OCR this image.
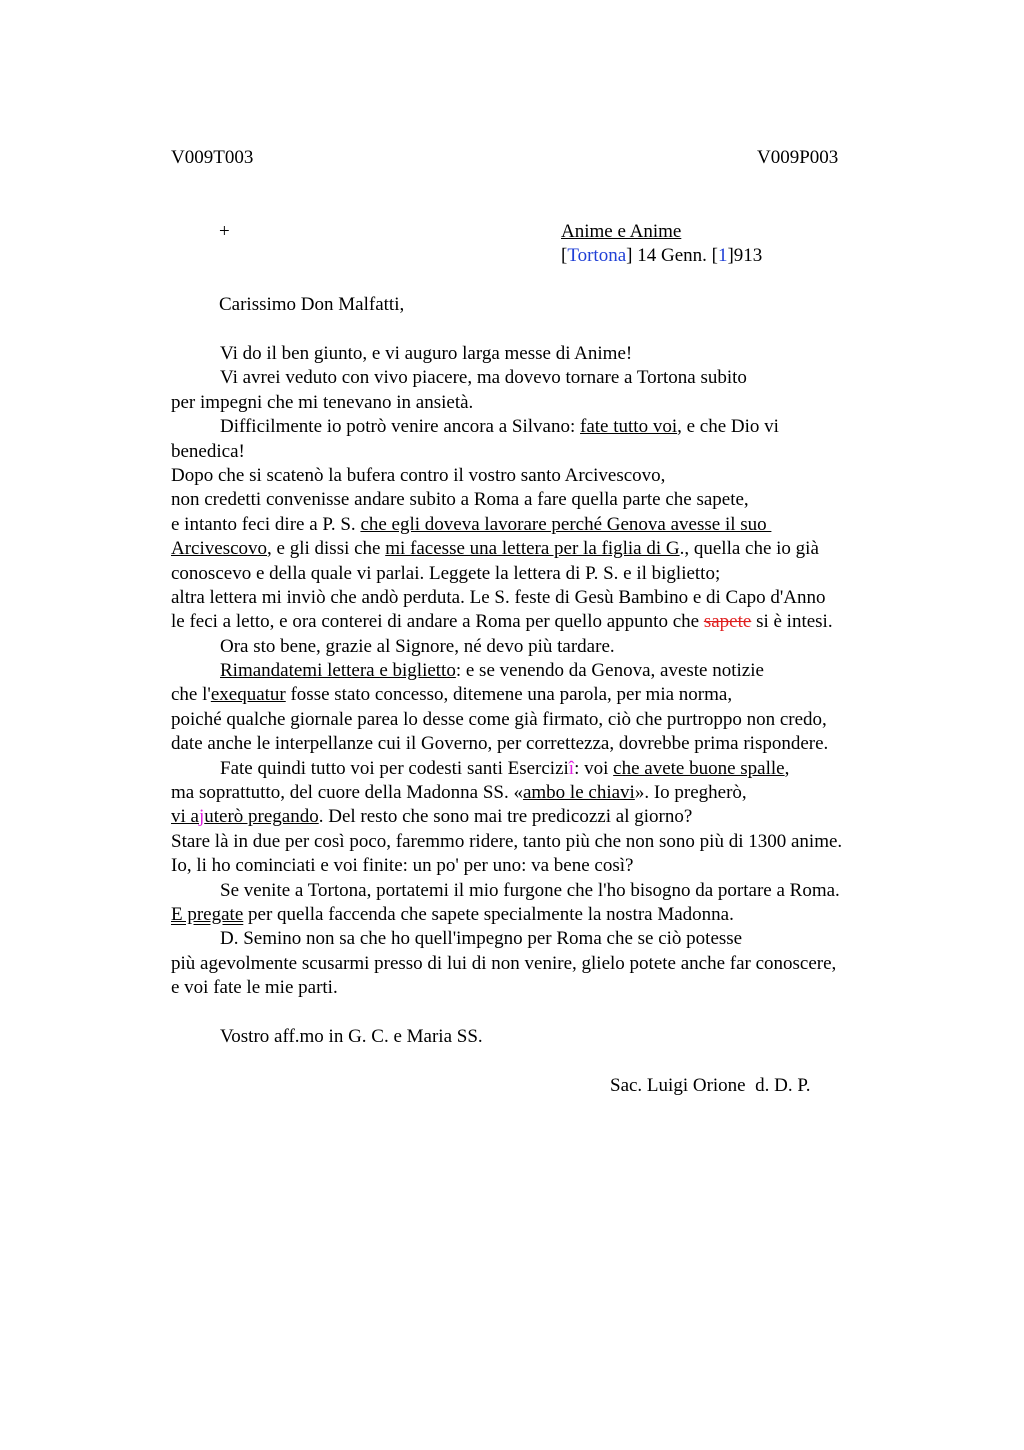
V009T003	V009P003
+	Anime e Anime
[Tortona] 14 Genn. [1]913
Carissimo Don Malfatti,
Vi do il ben giunto, e vi auguro larga messe di Anime!
Vi avrei veduto con vivo piacere, ma dovevo tornare a Tortona subito
per impegni che mi tenevano in ansietà.
Difficilmente io potrò venire ancora a Silvano: fate tutto voi, e che Dio vi
benedica!
Dopo che si scatenò la bufera contro il vostro santo Arcivescovo,
non credetti convenisse andare subito a Roma a fare quella parte che sapete,
e intanto feci dire a P. S. che egli doveva lavorare perché Genova avesse il suo
Arcivescovo, e gli dissi che mi facesse una lettera per la figlia di G., quella che io già
conoscevo e della quale vi parlai. Leggete la lettera di P. S. e il biglietto;
altra lettera mi inviò che andò perduta. Le S. feste di Gesù Bambino e di Capo d'Anno
le feci a letto, e ora conterei di andare a Roma per quello appunto che sapete si è intesi.
Ora sto bene, grazie al Signore, né devo più tardare.
Rimandatemi lettera e biglietto: e se venendo da Genova, aveste notizie
che l'exequatur fosse stato concesso, ditemene una parola, per mia norma,
poiché qualche giornale parea lo desse come già firmato, ciò che purtroppo non credo,
date anche le interpellanze cui il Governo, per correttezza, dovrebbe prima rispondere.
Fate quindi tutto voi per codesti santi Eserciziî: voi che avete buone spalle,
ma soprattutto, del cuore della Madonna SS. «ambo le chiavi». Io pregherò,
vi ajuterò pregando. Del resto che sono mai tre predicozzi al giorno?
Stare là in due per così poco, faremmo ridere, tanto più che non sono più di 1300 anime.
Io, li ho cominciati e voi finite: un po' per uno: va bene così?
Se venite a Tortona, portatemi il mio furgone che l'ho bisogno da portare a Roma.
E pregate per quella faccenda che sapete specialmente la nostra Madonna.
D. Semino non sa che ho quell'impegno per Roma che se ciò potesse
più agevolmente scusarmi presso di lui di non venire, glielo potete anche far conoscere,
e voi fate le mie parti.
Vostro aff.mo in G. C. e Maria SS.
Sac. Luigi Orione  d. D. P.
